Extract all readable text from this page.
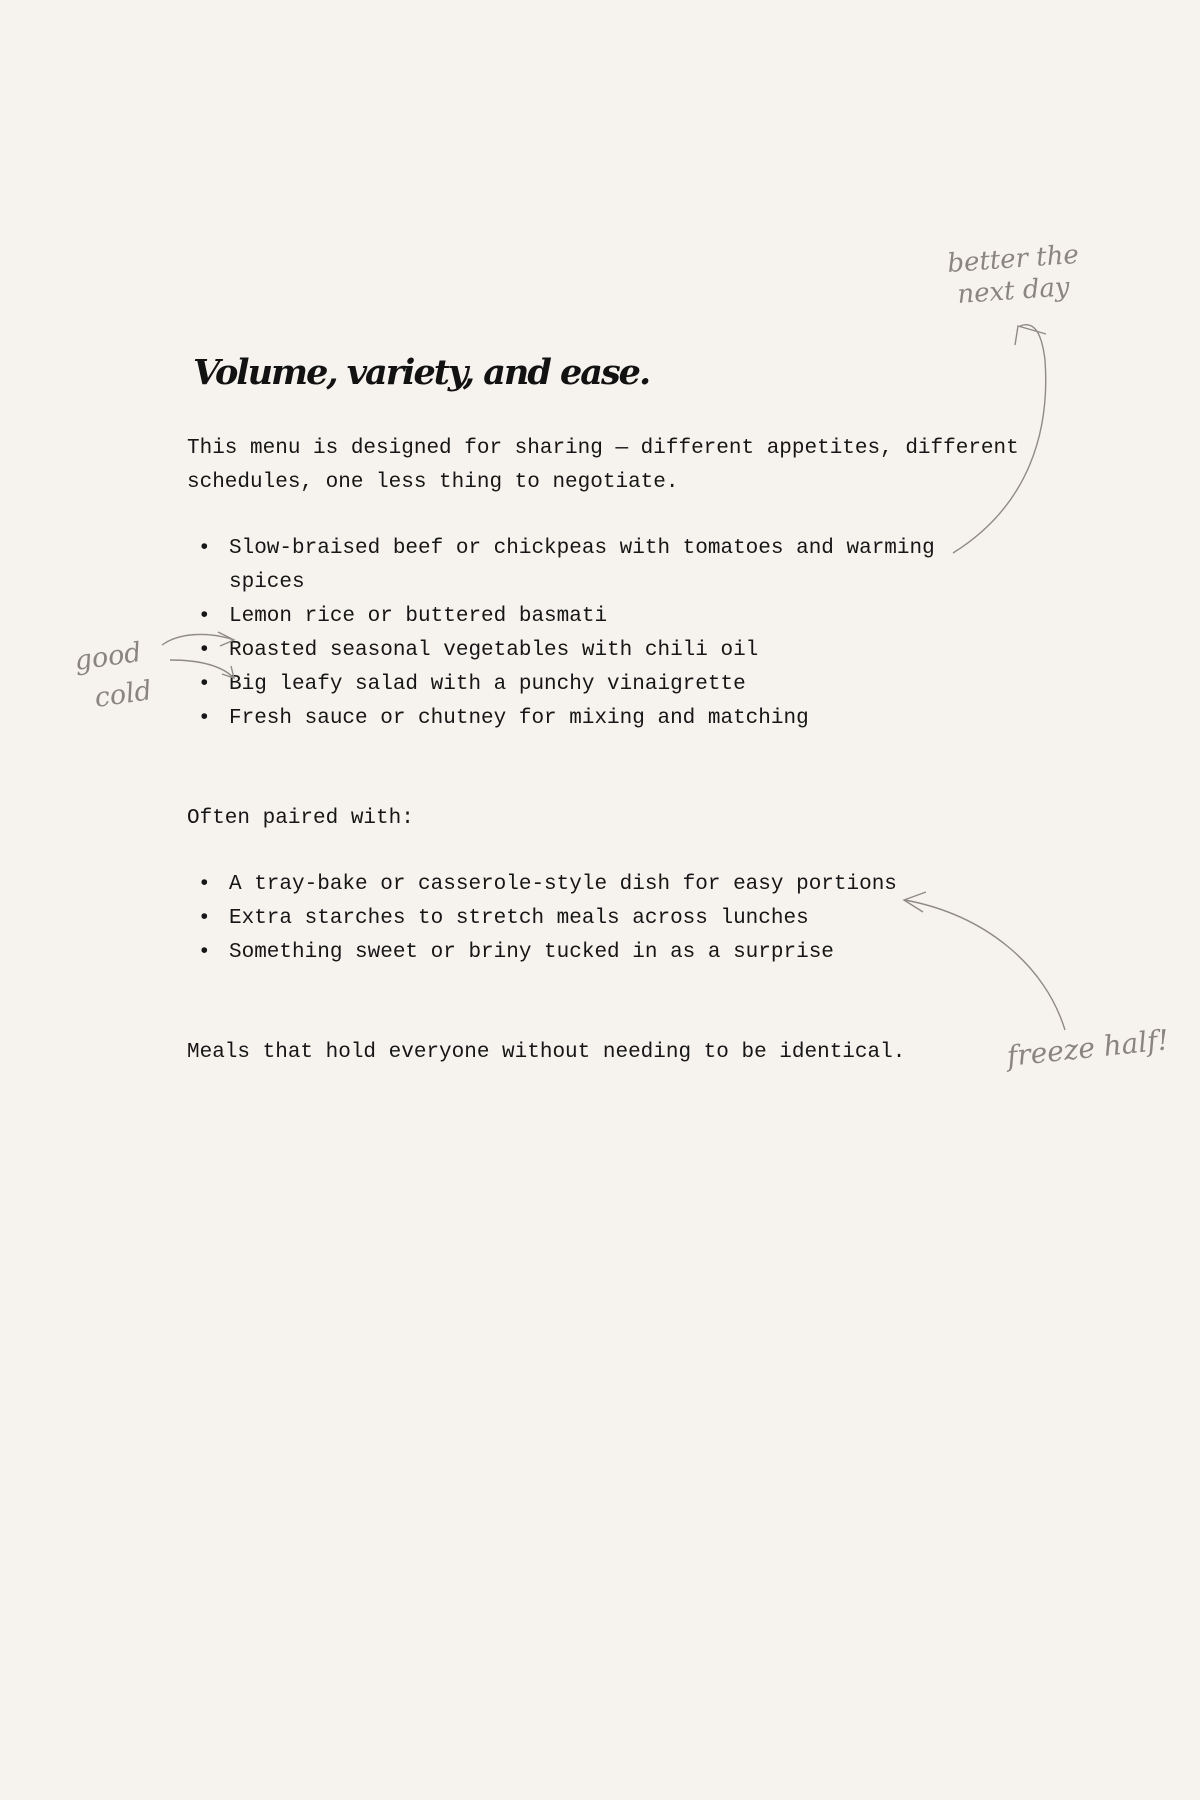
Volume, variety, and ease.

This menu is designed for sharing — different appetites, different schedules, one less thing to negotiate.

• Slow-braised beef or chickpeas with tomatoes and warming spices
• Lemon rice or buttered basmati
• Roasted seasonal vegetables with chili oil
• Big leafy salad with a punchy vinaigrette
• Fresh sauce or chutney for mixing and matching

Often paired with:

• A tray-bake or casserole-style dish for easy portions
• Extra starches to stretch meals across lunches
• Something sweet or briny tucked in as a surprise

Meals that hold everyone without needing to be identical.

better the
next day
good
cold
freeze half!
